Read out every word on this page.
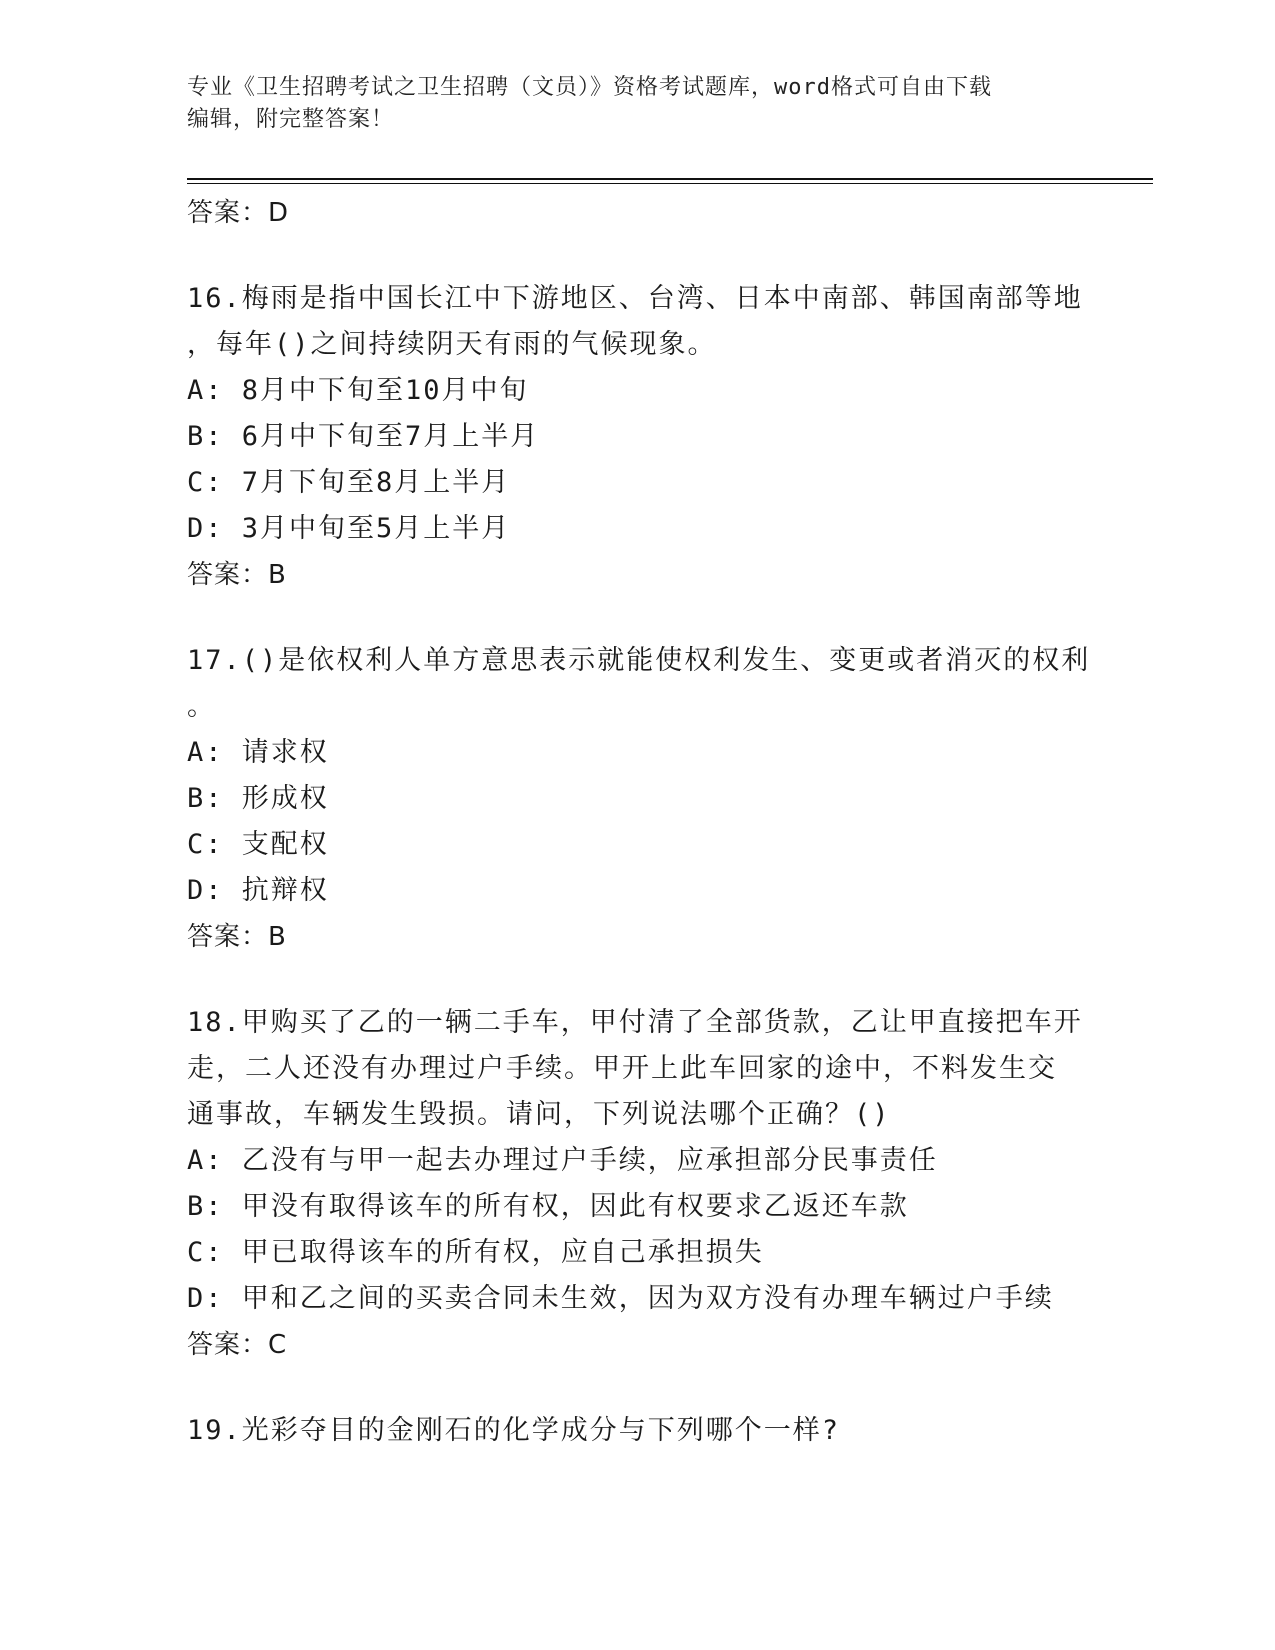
专业《卫生招聘考试之卫生招聘（文员）》资格考试题库，word格式可自由下载
编辑，附完整答案！
答案：D
16.梅雨是指中国长江中下游地区、台湾、日本中南部、韩国南部等地
，每年()之间持续阴天有雨的气候现象。
A: 8月中下旬至10月中旬
B: 6月中下旬至7月上半月
C: 7月下旬至8月上半月
D: 3月中旬至5月上半月
答案：B
17.()是依权利人单方意思表示就能使权利发生、变更或者消灭的权利
。
A: 请求权
B: 形成权
C: 支配权
D: 抗辩权
答案：B
18.甲购买了乙的一辆二手车，甲付清了全部货款，乙让甲直接把车开
走，二人还没有办理过户手续。甲开上此车回家的途中，不料发生交
通事故，车辆发生毁损。请问，下列说法哪个正确？()
A: 乙没有与甲一起去办理过户手续，应承担部分民事责任
B: 甲没有取得该车的所有权，因此有权要求乙返还车款
C: 甲已取得该车的所有权，应自己承担损失
D: 甲和乙之间的买卖合同未生效，因为双方没有办理车辆过户手续
答案：C
19.光彩夺目的金刚石的化学成分与下列哪个一样?
